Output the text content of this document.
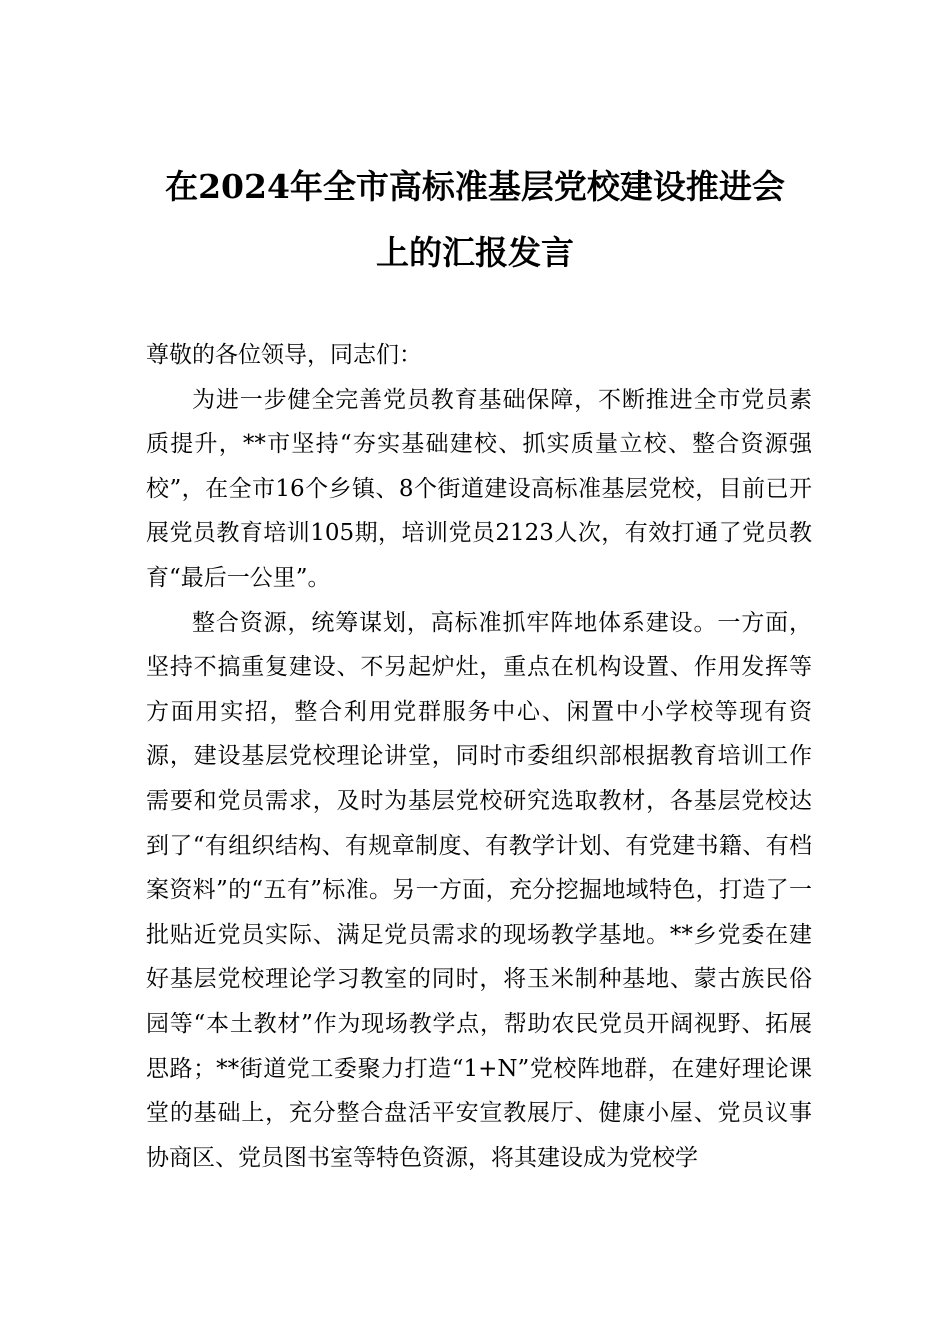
在2024年全市高标准基层党校建设推进会
上的汇报发言

尊敬的各位领导，同志们：

为进一步健全完善党员教育基础保障，不断推进全市党员素质提升，**市坚持“夯实基础建校、抓实质量立校、整合资源强校”，在全市16个乡镇、8个街道建设高标准基层党校，目前已开展党员教育培训105期，培训党员2123人次，有效打通了党员教育“最后一公里”。

整合资源，统筹谋划，高标准抓牢阵地体系建设。一方面，坚持不搞重复建设、不另起炉灶，重点在机构设置、作用发挥等方面用实招，整合利用党群服务中心、闲置中小学校等现有资源，建设基层党校理论讲堂，同时市委组织部根据教育培训工作需要和党员需求，及时为基层党校研究选取教材，各基层党校达到了“有组织结构、有规章制度、有教学计划、有党建书籍、有档案资料”的“五有”标准。另一方面，充分挖掘地域特色，打造了一批贴近党员实际、满足党员需求的现场教学基地。**乡党委在建好基层党校理论学习教室的同时，将玉米制种基地、蒙古族民俗园等“本土教材”作为现场教学点，帮助农民党员开阔视野、拓展思路；**街道党工委聚力打造“1+N”党校阵地群，在建好理论课堂的基础上，充分整合盘活平安宣教展厅、健康小屋、党员议事协商区、党员图书室等特色资源，将其建设成为党校学
